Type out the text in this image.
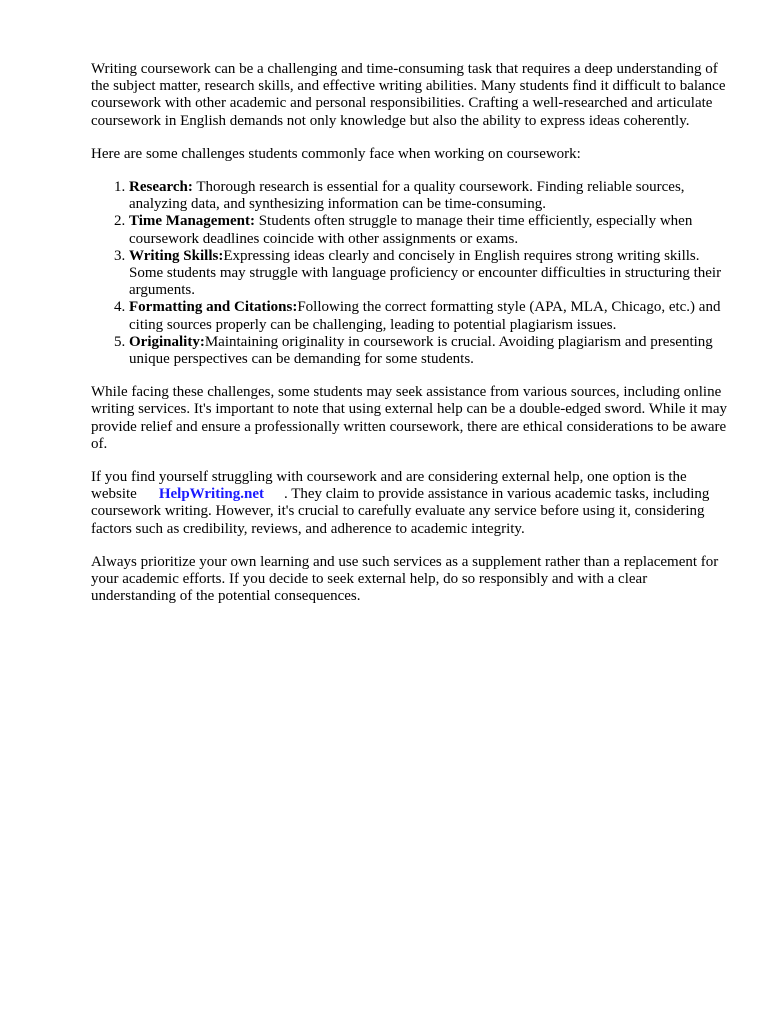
Writing coursework can be a challenging and time-consuming task that requires a deep understanding of the subject matter, research skills, and effective writing abilities. Many students find it difficult to balance coursework with other academic and personal responsibilities. Crafting a well-researched and articulate coursework in English demands not only knowledge but also the ability to express ideas coherently.

Here are some challenges students commonly face when working on coursework:

1. Research: Thorough research is essential for a quality coursework. Finding reliable sources, analyzing data, and synthesizing information can be time-consuming.
2. Time Management: Students often struggle to manage their time efficiently, especially when coursework deadlines coincide with other assignments or exams.
3. Writing Skills:Expressing ideas clearly and concisely in English requires strong writing skills. Some students may struggle with language proficiency or encounter difficulties in structuring their arguments.
4. Formatting and Citations:Following the correct formatting style (APA, MLA, Chicago, etc.) and citing sources properly can be challenging, leading to potential plagiarism issues.
5. Originality:Maintaining originality in coursework is crucial. Avoiding plagiarism and presenting unique perspectives can be demanding for some students.

While facing these challenges, some students may seek assistance from various sources, including online writing services. It's important to note that using external help can be a double-edged sword. While it may provide relief and ensure a professionally written coursework, there are ethical considerations to be aware of.

If you find yourself struggling with coursework and are considering external help, one option is the website HelpWriting.net . They claim to provide assistance in various academic tasks, including coursework writing. However, it's crucial to carefully evaluate any service before using it, considering factors such as credibility, reviews, and adherence to academic integrity.

Always prioritize your own learning and use such services as a supplement rather than a replacement for your academic efforts. If you decide to seek external help, do so responsibly and with a clear understanding of the potential consequences.
